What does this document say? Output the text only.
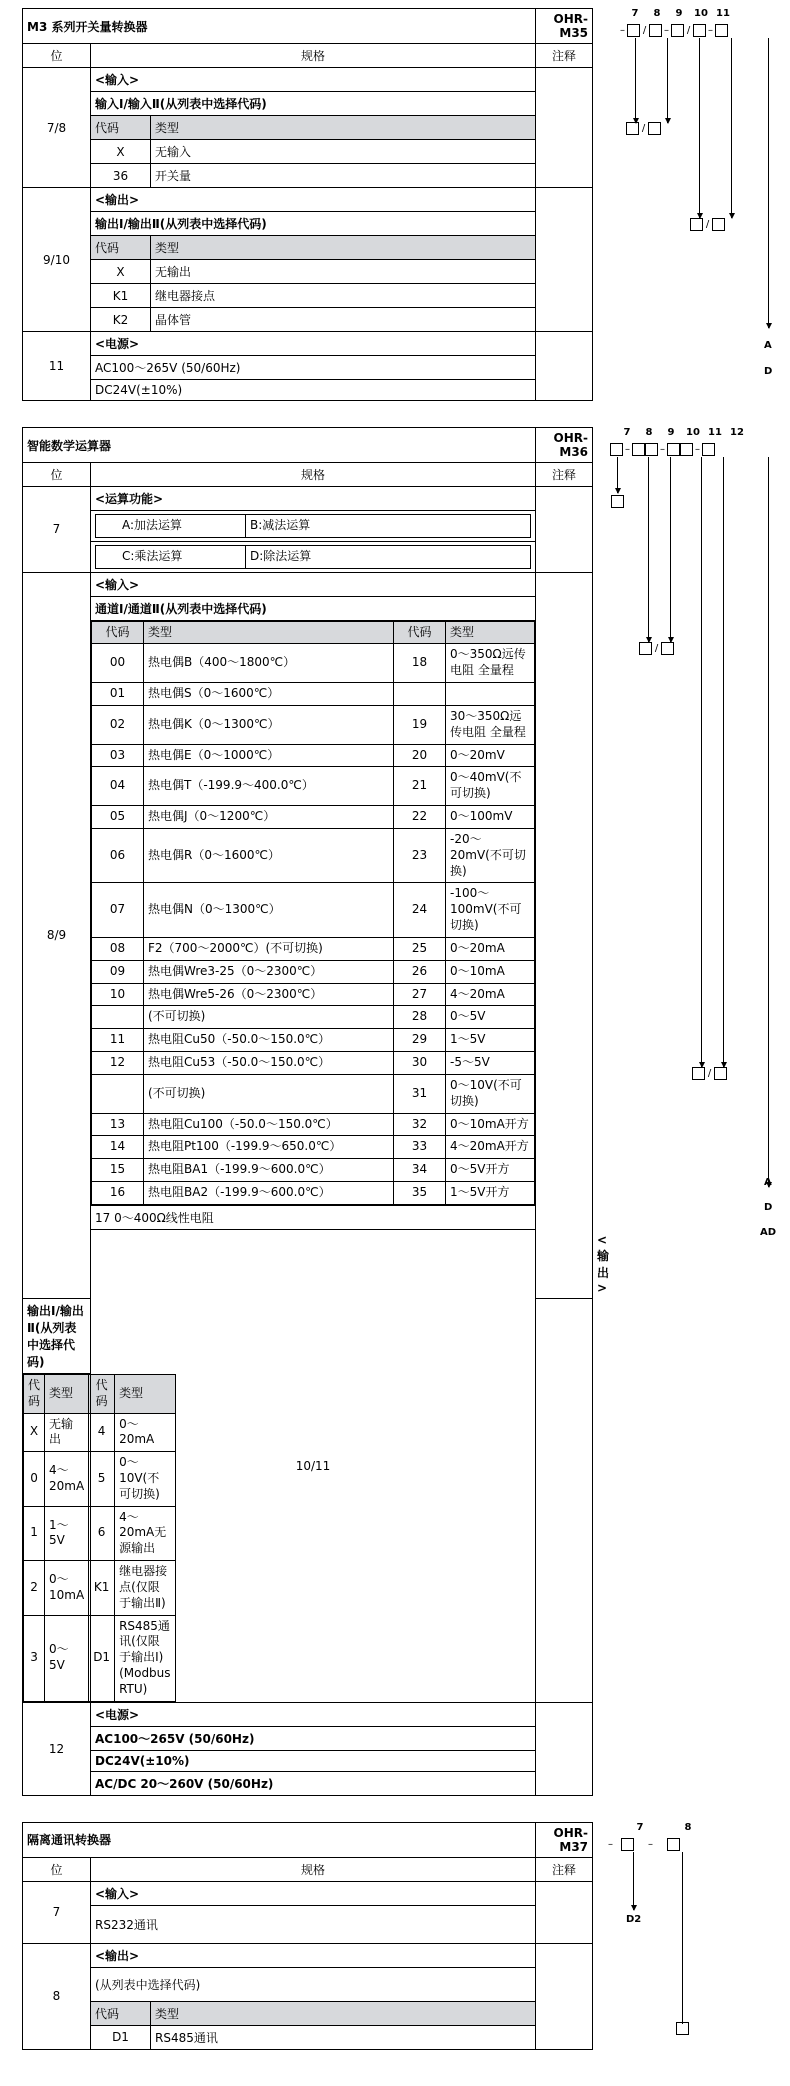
M3 系列开关量转换器			OHR-M35
位	规格		注释
7/8	<输入>		
	输入Ⅰ/输入Ⅱ(从列表中选择代码)		
	代码	类型	
	X	无输入	
	36	开关量	
9/10	<输出>		
	输出Ⅰ/输出Ⅱ(从列表中选择代码)		
	代码	类型	
	X	无输出	
	K1	继电器接点	
	K2	晶体管	
11	<电源>		
	AC100～265V (50/60Hz)		
	DC24V(±10%)		
7	8	9	10 11
– / – / –
/
/
A
D
智能数学运算器	OHR-M36
位	规格	注释
7	<运算功能>	

A:加法运算	B:减法运算

C:乘法运算	D:除法运算

8/9	<输入>	
通道Ⅰ/通道Ⅱ(从列表中选择代码)

代码	类型	代码	类型
00	热电偶B（400～1800℃）	18	0～350Ω远传电阻 全量程
01	热电偶S（0～1600℃）		
02	热电偶K（0～1300℃）	19	30～350Ω远传电阻 全量程
03	热电偶E（0～1000℃）	20	0～20mV
04	热电偶T（-199.9～400.0℃）	21	0～40mV(不可切换)
05	热电偶J（0～1200℃）	22	0～100mV
06	热电偶R（0～1600℃）	23	-20～20mV(不可切换)
07	热电偶N（0～1300℃）	24	-100～100mV(不可切换)
08	F2（700～2000℃）(不可切换)	25	0～20mA
09	热电偶Wre3-25（0～2300℃）	26	0～10mA
10	热电偶Wre5-26（0～2300℃）	27	4～20mA
	(不可切换)	28	0～5V
11	热电阻Cu50（-50.0～150.0℃）	29	1～5V
12	热电阻Cu53（-50.0～150.0℃）	30	-5～5V
	(不可切换)	31	0～10V(不可切换)
13	热电阻Cu100（-50.0～150.0℃）	32	0～10mA开方
14	热电阻Pt100（-199.9～650.0℃）	33	4～20mA开方
15	热电阻BA1（-199.9～600.0℃）	34	0～5V开方
16	热电阻BA2（-199.9～600.0℃）	35	1～5V开方

17 0～400Ω线性电阻
10/11	<输出>	
输出Ⅰ/输出Ⅱ(从列表中选择代码)

代码	类型	代码	类型
X	无输出	4	0～20mA
0	4～20mA	5	0～10V(不可切换)
1	1～5V	6	4～20mA无源输出
2	0～10mA	K1	继电器接点(仅限于输出Ⅱ)
3	0～5V	D1	RS485通讯(仅限于输出Ⅰ)(Modbus RTU)

12	<电源>	
AC100～265V (50/60Hz)
DC24V(±10%)
AC/DC 20～260V (50/60Hz)
7	8	9	10 11 12
–	–	–
/
/
A
D
AD
隔离通讯转换器			OHR-M37
位	规格		注释
7	<输入>		
	RS232通讯		
8	<输出>		
	(从列表中选择代码)		
	代码	类型	
	D1	RS485通讯	
7	8
–	–
D2
